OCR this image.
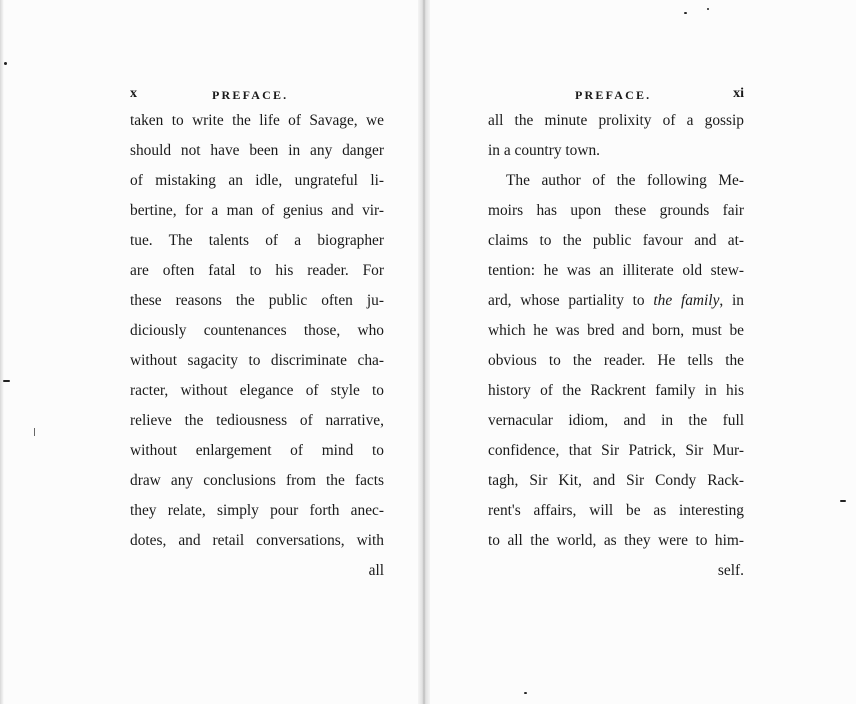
x	PREFACE.
taken to write the life of Savage, we
should not have been in any danger
of mistaking an idle, ungrateful li-
bertine, for a man of genius and vir-
tue. The talents of a biographer
are often fatal to his reader. For
these reasons the public often ju-
diciously countenances those, who
without sagacity to discriminate cha-
racter, without elegance of style to
relieve the tediousness of narrative,
without enlargement of mind to
draw any conclusions from the facts
they relate, simply pour forth anec-
dotes, and retail conversations, with
all
PREFACE.	xi
all the minute prolixity of a gossip
in a country town.
The author of the following Me-
moirs has upon these grounds fair
claims to the public favour and at-
tention: he was an illiterate old stew-
ard, whose partiality to the family, in
which he was bred and born, must be
obvious to the reader. He tells the
history of the Rackrent family in his
vernacular idiom, and in the full
confidence, that Sir Patrick, Sir Mur-
tagh, Sir Kit, and Sir Condy Rack-
rent's affairs, will be as interesting
to all the world, as they were to him-
self.
